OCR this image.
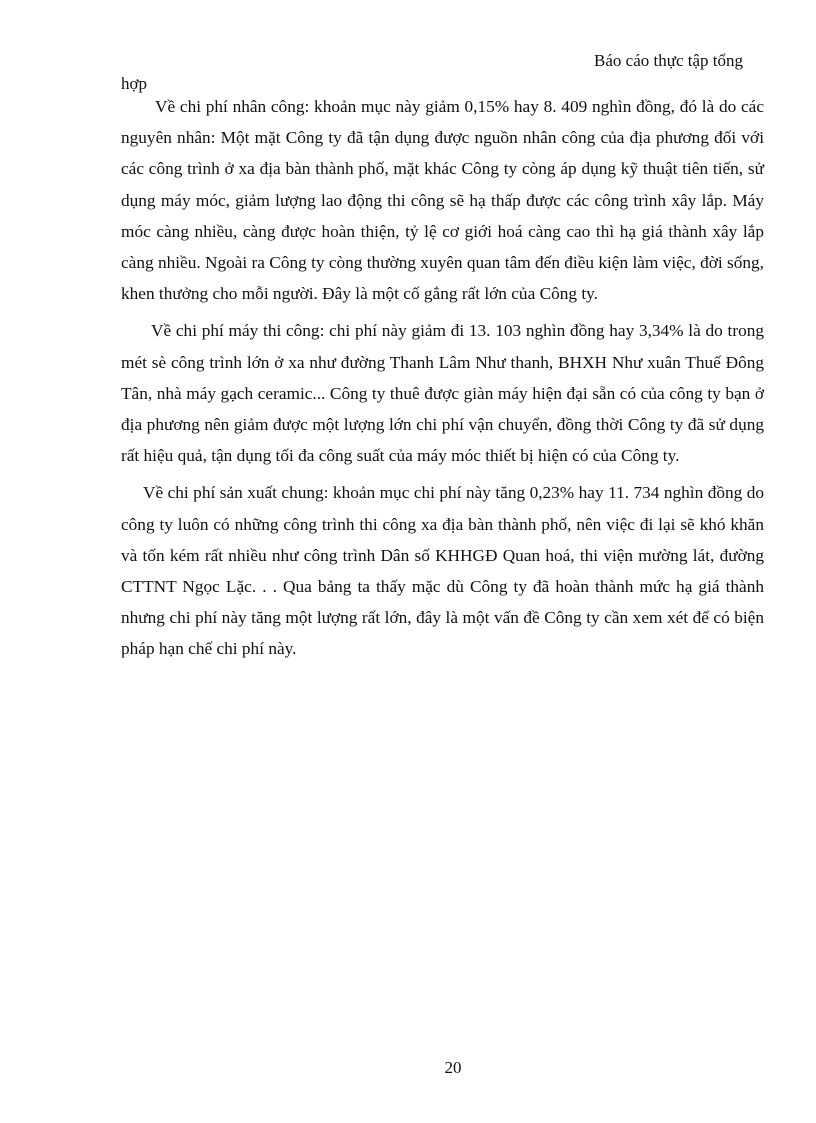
Báo cáo thực tập tổng
hợp

Về chi phí nhân công: khoản mục này giảm 0,15% hay 8. 409 nghìn đồng, đó là do các nguyên nhân: Một mặt Công ty đã tận dụng được nguồn nhân công của địa phương đối với các công trình ở xa địa bàn thành phố, mặt khác Công ty còng áp dụng kỹ thuật tiên tiến, sử dụng máy móc, giảm lượng lao động thi công sẽ hạ thấp được các công trình xây lắp. Máy móc càng nhiều, càng được hoàn thiện, tỷ lệ cơ giới hoá càng cao thì hạ giá thành xây lắp càng nhiều. Ngoài ra Công ty còng thường xuyên quan tâm đến điều kiện làm việc, đời sống, khen thưởng cho mỗi người. Đây là một cố gắng rất lớn của Công ty.

Về chi phí máy thi công: chi phí này giảm đi 13. 103 nghìn đồng hay 3,34% là do trong mét sè công trình lớn ở xa như đường Thanh Lâm Như thanh, BHXH Như xuân Thuế Đông Tân, nhà máy gạch ceramic... Công ty thuê được giàn máy hiện đại sẵn có của công ty bạn ở địa phương nên giảm được một lượng lớn chi phí vận chuyển, đồng thời Công ty đã sử dụng rất hiệu quả, tận dụng tối đa công suất của máy móc thiết bị hiện có của Công ty.

Về chi phí sản xuất chung: khoản mục chi phí này tăng 0,23% hay 11. 734 nghìn đồng do công ty luôn có những công trình thi công xa địa bàn thành phố, nên việc đi lại sẽ khó khăn và tốn kém rất nhiều như công trình Dân số KHHGĐ Quan hoá, thi viện mường lát, đường CTTNT Ngọc Lặc. . . Qua bảng ta thấy mặc dù Công ty đã hoàn thành mức hạ giá thành nhưng chi phí này tăng một lượng rất lớn, đây là một vấn đề Công ty cần xem xét để có biện pháp hạn chế chi phí này.

20
